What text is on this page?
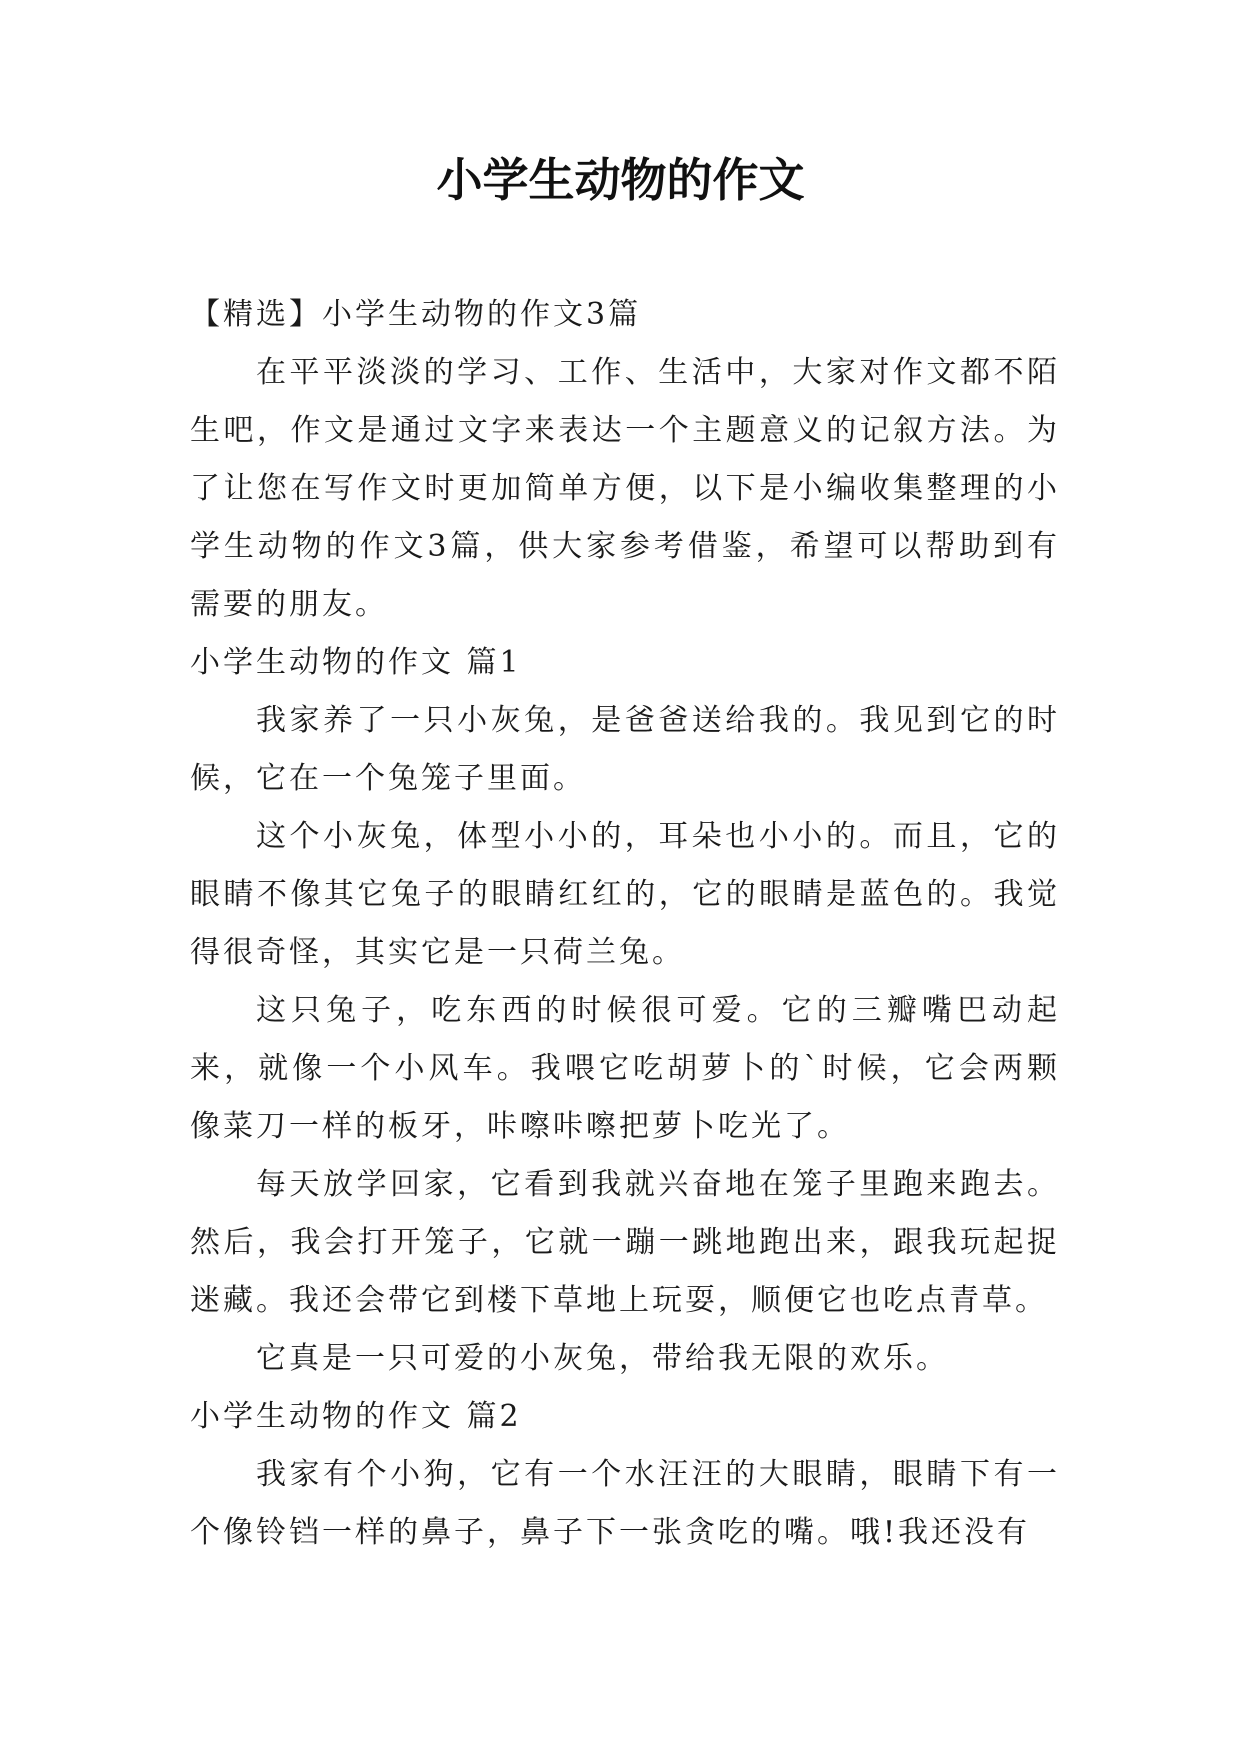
小学生动物的作文

【精选】小学生动物的作文3篇

在平平淡淡的学习、工作、生活中，大家对作文都不陌生吧，作文是通过文字来表达一个主题意义的记叙方法。为了让您在写作文时更加简单方便，以下是小编收集整理的小学生动物的作文3篇，供大家参考借鉴，希望可以帮助到有需要的朋友。

小学生动物的作文 篇1

我家养了一只小灰兔，是爸爸送给我的。我见到它的时候，它在一个兔笼子里面。

这个小灰兔，体型小小的，耳朵也小小的。而且，它的眼睛不像其它兔子的眼睛红红的，它的眼睛是蓝色的。我觉得很奇怪，其实它是一只荷兰兔。

这只兔子，吃东西的时候很可爱。它的三瓣嘴巴动起来，就像一个小风车。我喂它吃胡萝卜的`时候，它会两颗像菜刀一样的板牙，咔嚓咔嚓把萝卜吃光了。

每天放学回家，它看到我就兴奋地在笼子里跑来跑去。然后，我会打开笼子，它就一蹦一跳地跑出来，跟我玩起捉迷藏。我还会带它到楼下草地上玩耍，顺便它也吃点青草。

它真是一只可爱的小灰兔，带给我无限的欢乐。

小学生动物的作文 篇2

我家有个小狗，它有一个水汪汪的大眼睛，眼睛下有一个像铃铛一样的鼻子，鼻子下一张贪吃的嘴。哦!我还没有
